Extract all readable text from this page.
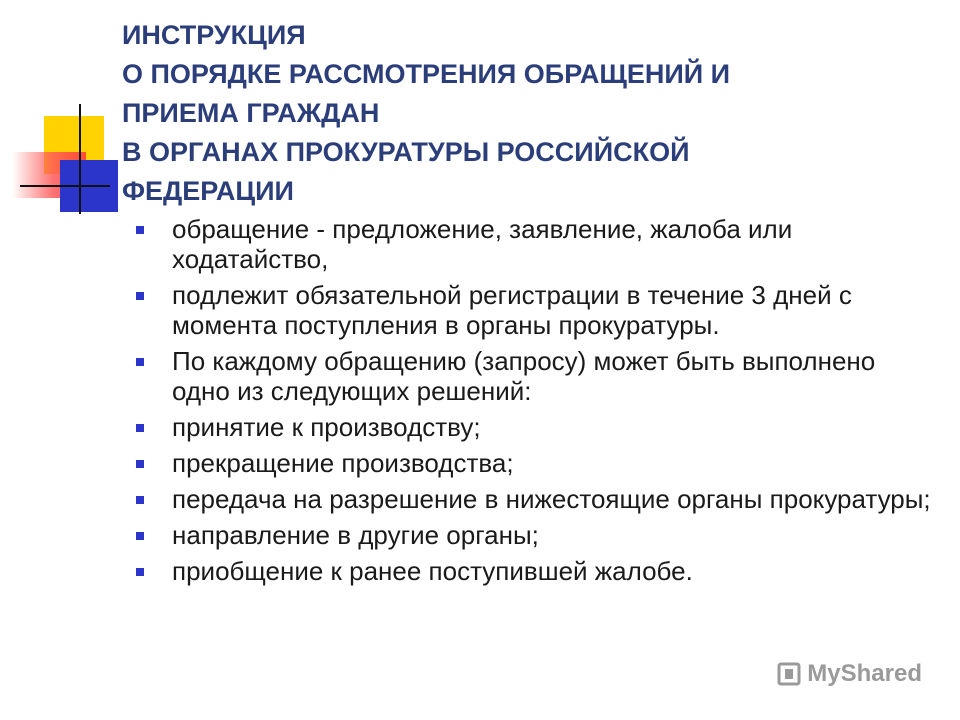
ИНСТРУКЦИЯ
О ПОРЯДКЕ РАССМОТРЕНИЯ ОБРАЩЕНИЙ И
ПРИЕМА ГРАЖДАН
В ОРГАНАХ ПРОКУРАТУРЫ РОССИЙСКОЙ
ФЕДЕРАЦИИ
обращение - предложение, заявление, жалоба или ходатайство,
подлежит обязательной регистрации в течение 3 дней с момента поступления в органы прокуратуры.
По каждому обращению (запросу) может быть выполнено одно из следующих решений:
принятие к производству;
прекращение производства;
передача на разрешение в нижестоящие органы прокуратуры;
направление в другие органы;
приобщение к ранее поступившей жалобе.
MyShared
